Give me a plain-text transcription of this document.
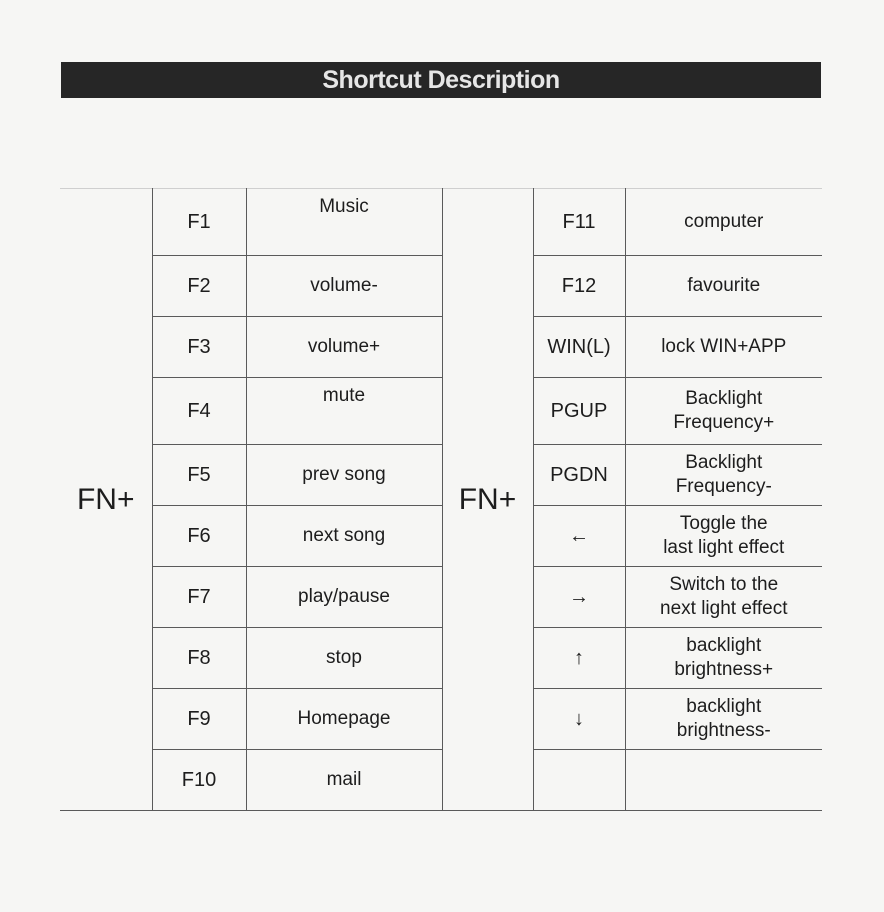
Shortcut Description
FN+	F1	Music	FN+	F11	computer
	F2	volume-		F12	favourite
	F3	volume+		WIN(L)	lock WIN+APP
	F4	mute		PGUP	Backlight
Frequency+
	F5	prev song		PGDN	Backlight
Frequency-
	F6	next song		←	Toggle the
last light effect
	F7	play/pause		→	Switch to the
next light effect
	F8	stop		↑	backlight
brightness+
	F9	Homepage		↓	backlight
brightness-
	F10	mail			
